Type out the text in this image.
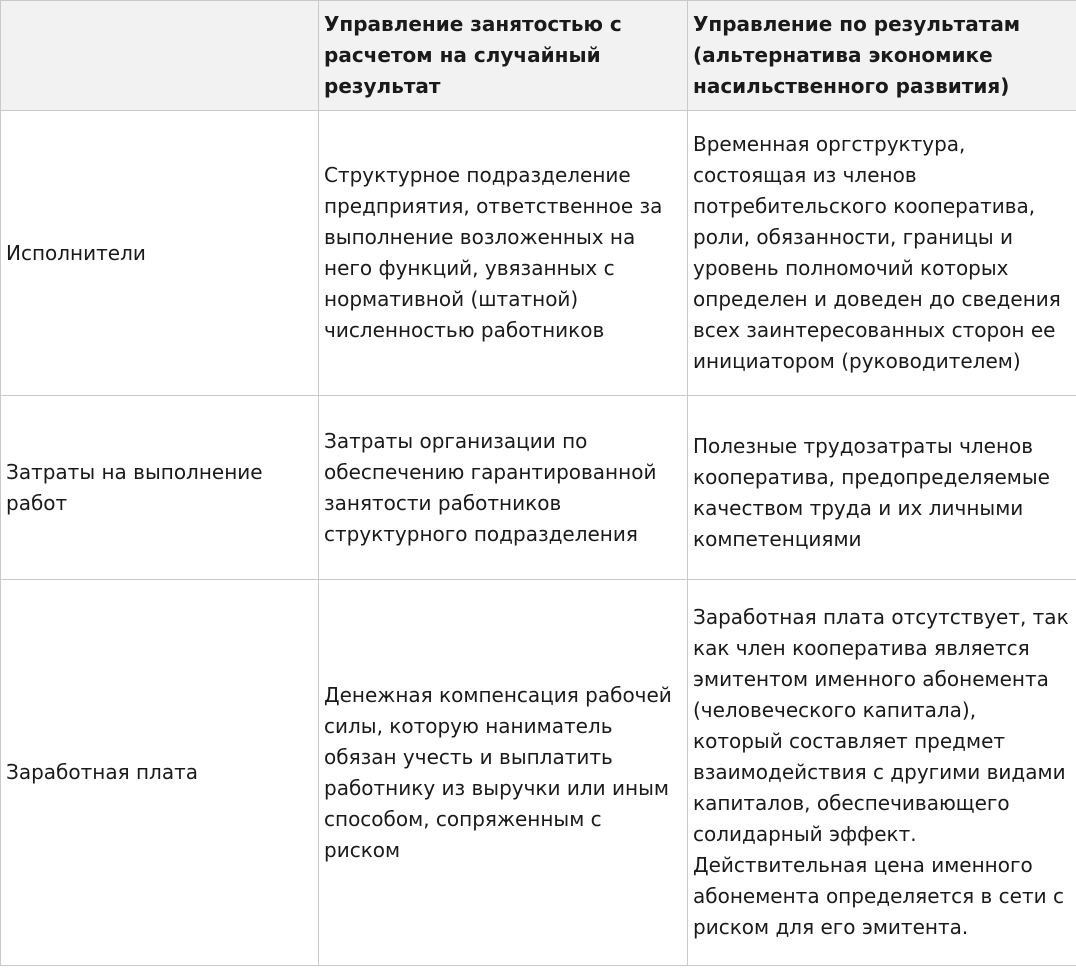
	Управление занятостью с расчетом на случайный результат	Управление по результатам (альтернатива экономике насильственного развития)
Исполнители	Структурное подразделение предприятия, ответственное за выполнение возложенных на него функций, увязанных с нормативной (штатной) численностью работников	Временная оргструктура, состоящая из членов потребительского кооператива, роли, обязанности, границы и уровень полномочий которых определен и доведен до сведения всех заинтересованных сторон ее инициатором (руководителем)
Затраты на выполнение работ	Затраты организации по обеспечению гарантированной занятости работников структурного подразделения	Полезные трудозатраты членов кооператива, предопределяемые качеством труда и их личными компетенциями
Заработная плата	Денежная компенсация рабочей силы, которую наниматель обязан учесть и выплатить работнику из выручки или иным способом, сопряженным с риском	Заработная плата отсутствует, так как член кооператива является эмитентом именного абонемента (человеческого капитала), который составляет предмет взаимодействия с другими видами капиталов, обеспечивающего солидарный эффект. Действительная цена именного абонемента определяется в сети с риском для его эмитента.
